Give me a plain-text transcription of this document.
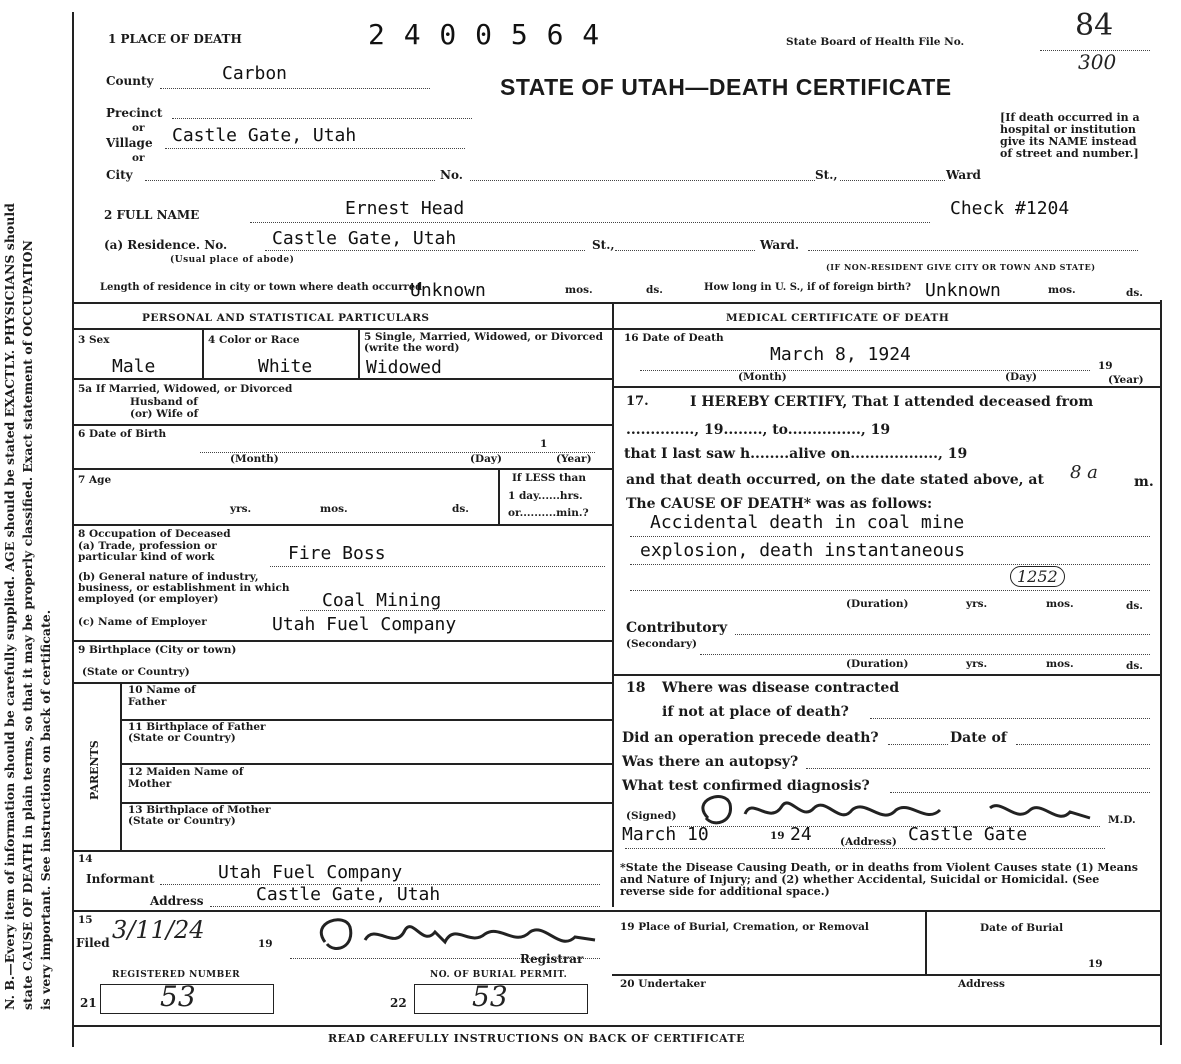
N. B.—Every item of information should be carefully supplied. AGE should be stated EXACTLY. PHYSICIANS should state CAUSE OF DEATH in plain terms, so that it may be properly classified. Exact statement of OCCUPATION is very important. See instructions on back of certificate.
1 PLACE OF DEATH	2 4 0 0 5 6 4	State Board of Health File No.	84
300
STATE OF UTAH—DEATH CERTIFICATE
[If death occurred in a hospital or institution give its NAME instead of street and number.]
County	Carbon
Precinct
or
Village Castle Gate, Utah
or
City	No.	St.,	Ward
2 FULL NAME	Ernest Head	Check #1204
(a) Residence. No. Castle Gate, Utah	St.,	Ward.
(Usual place of abode)
(IF NON-RESIDENT GIVE CITY OR TOWN AND STATE)
Length of residence in city or town where death occurred
Unknown	mos.	ds.	How long in U. S., if of foreign birth? Unknown	mos.	ds.
PERSONAL AND STATISTICAL PARTICULARS
3 Sex
Male
4 Color or Race
White
5 Single, Married, Widowed, or Divorced (write the word)
Widowed
5a If Married, Widowed, or Divorced
Husband of
(or) Wife of
6 Date of Birth
1
(Month)	(Day)	(Year)
7 Age
yrs.	mos.	ds.
If LESS than
1 day......hrs.
or..........min.?
8 Occupation of Deceased
(a) Trade, profession or particular kind of work	Fire Boss
(b) General nature of industry, business, or establishment in which employed (or employer)	Coal Mining
(c) Name of Employer	Utah Fuel Company
9 Birthplace (City or town)
(State or Country)
PARENTS
10 Name of Father
11 Birthplace of Father (State or Country)
12 Maiden Name of Mother
13 Birthplace of Mother (State or Country)
14
Informant	Utah Fuel Company
Address	Castle Gate, Utah
15
Filed 3/11/24	19
Registrar
REGISTERED NUMBER
21 53
NO. OF BURIAL PERMIT.
22 53
MEDICAL CERTIFICATE OF DEATH
16 Date of Death
March 8, 1924
19
(Month)	(Day)	(Year)
17.	I HEREBY CERTIFY, That I attended deceased from
.............., 19........, to..............., 19
that I last saw h........alive on.................., 19
and that death occurred, on the date stated above, at 8 a	m.
The CAUSE OF DEATH* was as follows:
Accidental death in coal mine
explosion, death instantaneous
1252
(Duration)	yrs.	mos.	ds.
Contributory
(Secondary)
(Duration)	yrs.	mos.	ds.
18 Where was disease contracted
if not at place of death?
Did an operation precede death?	Date of
Was there an autopsy?
What test confirmed diagnosis?
(Signed)
March 10	19 24	(Address) Castle Gate
M.D.
*State the Disease Causing Death, or in deaths from Violent Causes state (1) Means and Nature of Injury; and (2) whether Accidental, Suicidal or Homicidal. (See reverse side for additional space.)
19 Place of Burial, Cremation, or Removal	Date of Burial
19
20 Undertaker	Address
READ CAREFULLY INSTRUCTIONS ON BACK OF CERTIFICATE
